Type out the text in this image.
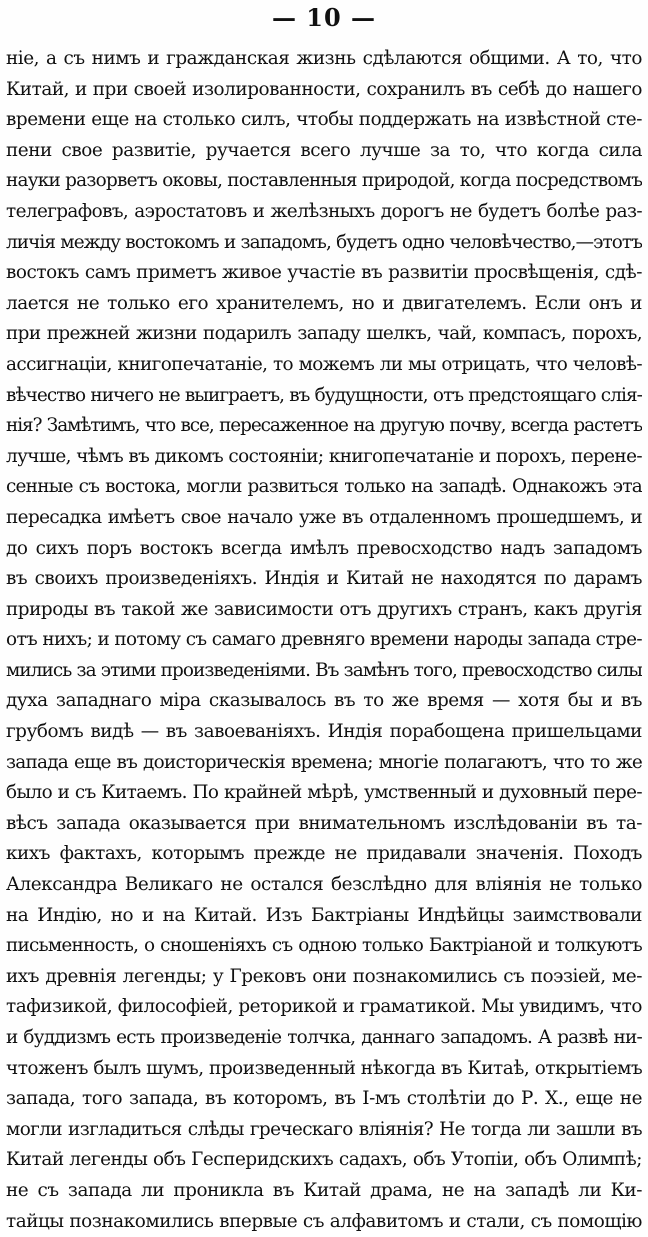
— 10 —
ніе, а съ нимъ и гражданская жизнь сдѣлаются общими. А то, что
Китай, и при своей изолированности, сохранилъ въ себѣ до нашего
времени еще на столько силъ, чтобы поддержать на извѣстной сте-
пени свое развитіе, ручается всего лучше за то, что когда сила
науки разорветъ оковы, поставленныя природой, когда посредствомъ
телеграфовъ, аэростатовъ и желѣзныхъ дорогъ не будетъ болѣе раз-
личія между востокомъ и западомъ, будетъ одно человѣчество,—этотъ
востокъ самъ приметъ живое участіе въ развитіи просвѣщенія, сдѣ-
лается не только его хранителемъ, но и двигателемъ. Если онъ и
при прежней жизни подарилъ западу шелкъ, чай, компасъ, порохъ,
ассигнаціи, книгопечатаніе, то можемъ ли мы отрицать, что человѣ-
вѣчество ничего не выиграетъ, въ будущности, отъ предстоящаго слія-
нія? Замѣтимъ, что все, пересаженное на другую почву, всегда растетъ
лучше, чѣмъ въ дикомъ состояніи; книгопечатаніе и порохъ, перене-
сенные съ востока, могли развиться только на западѣ. Однакожъ эта
пересадка имѣетъ свое начало уже въ отдаленномъ прошедшемъ, и
до сихъ поръ востокъ всегда имѣлъ превосходство надъ западомъ
въ своихъ произведеніяхъ. Индія и Китай не находятся по дарамъ
природы въ такой же зависимости отъ другихъ странъ, какъ другія
отъ нихъ; и потому съ самаго древняго времени народы запада стре-
мились за этими произведеніями. Въ замѣнъ того, превосходство силы
духа западнаго міра сказывалось въ то же время — хотя бы и въ
грубомъ видѣ — въ завоеваніяхъ. Индія порабощена пришельцами
запада еще въ доисторическія времена; многіе полагаютъ, что то же
было и съ Китаемъ. По крайней мѣрѣ, умственный и духовный пере-
вѣсъ запада оказывается при внимательномъ изслѣдованіи въ та-
кихъ фактахъ, которымъ прежде не придавали значенія. Походъ
Александра Великаго не остался безслѣдно для вліянія не только
на Индію, но и на Китай. Изъ Бактріаны Индѣйцы заимствовали
письменность, о сношеніяхъ съ одною только Бактріаной и толкуютъ
ихъ древнія легенды; у Грековъ они познакомились съ поэзіей, ме-
тафизикой, философіей, реторикой и граматикой. Мы увидимъ, что
и буддизмъ есть произведеніе толчка, даннаго западомъ. А развѣ ни-
чтоженъ былъ шумъ, произведенный нѣкогда въ Китаѣ, открытіемъ
запада, того запада, въ которомъ, въ І-мъ столѣтіи до Р. X., еще не
могли изгладиться слѣды греческаго вліянія? Не тогда ли зашли въ
Китай легенды объ Гесперидскихъ садахъ, объ Утопіи, объ Олимпѣ;
не съ запада ли проникла въ Китай драма, не на западѣ ли Ки-
тайцы познакомились впервые съ алфавитомъ и стали, съ помощію
